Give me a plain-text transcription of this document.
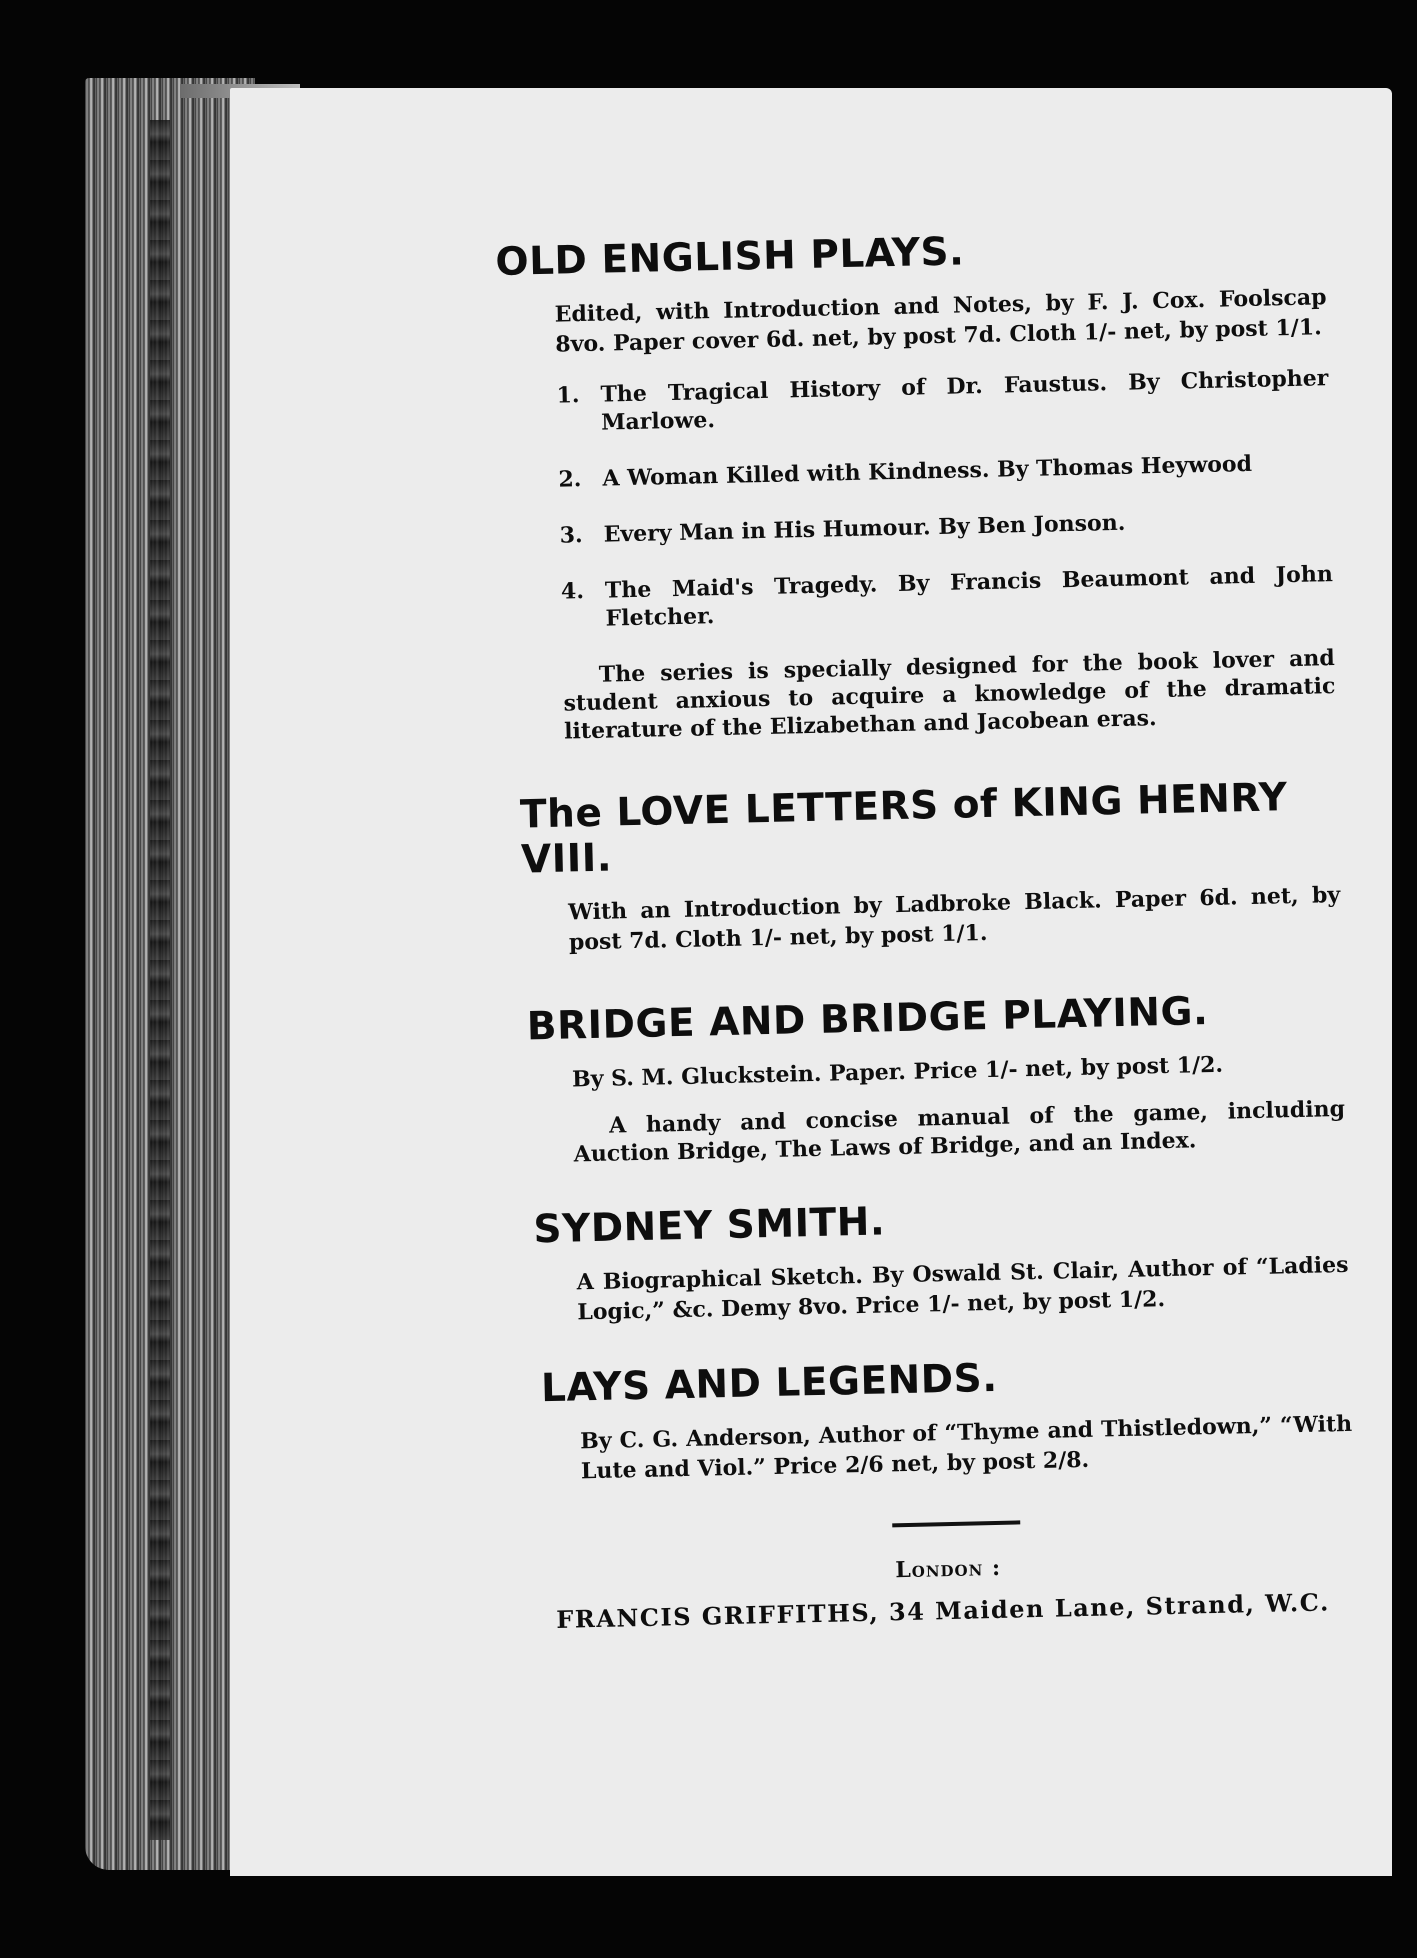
OLD ENGLISH PLAYS.

Edited, with Introduction and Notes, by F. J. Cox. Foolscap 8vo. Paper cover 6d. net, by post 7d. Cloth 1/- net, by post 1/1.

1. The Tragical History of Dr. Faustus. By Christopher Marlowe.
2. A Woman Killed with Kindness. By Thomas Heywood
3. Every Man in His Humour. By Ben Jonson.
4. The Maid's Tragedy. By Francis Beaumont and John Fletcher.

The series is specially designed for the book lover and student anxious to acquire a knowledge of the dramatic literature of the Elizabethan and Jacobean eras.

The LOVE LETTERS of KING HENRY VIII.

With an Introduction by Ladbroke Black. Paper 6d. net, by post 7d. Cloth 1/- net, by post 1/1.

BRIDGE AND BRIDGE PLAYING.

By S. M. Gluckstein. Paper. Price 1/- net, by post 1/2.

A handy and concise manual of the game, including Auction Bridge, The Laws of Bridge, and an Index.

SYDNEY SMITH.

A Biographical Sketch. By Oswald St. Clair, Author of “Ladies Logic,” &c. Demy 8vo. Price 1/- net, by post 1/2.

LAYS AND LEGENDS.

By C. G. Anderson, Author of “Thyme and Thistledown,” “With Lute and Viol.” Price 2/6 net, by post 2/8.

London :
FRANCIS GRIFFITHS, 34 Maiden Lane, Strand, W.C.
